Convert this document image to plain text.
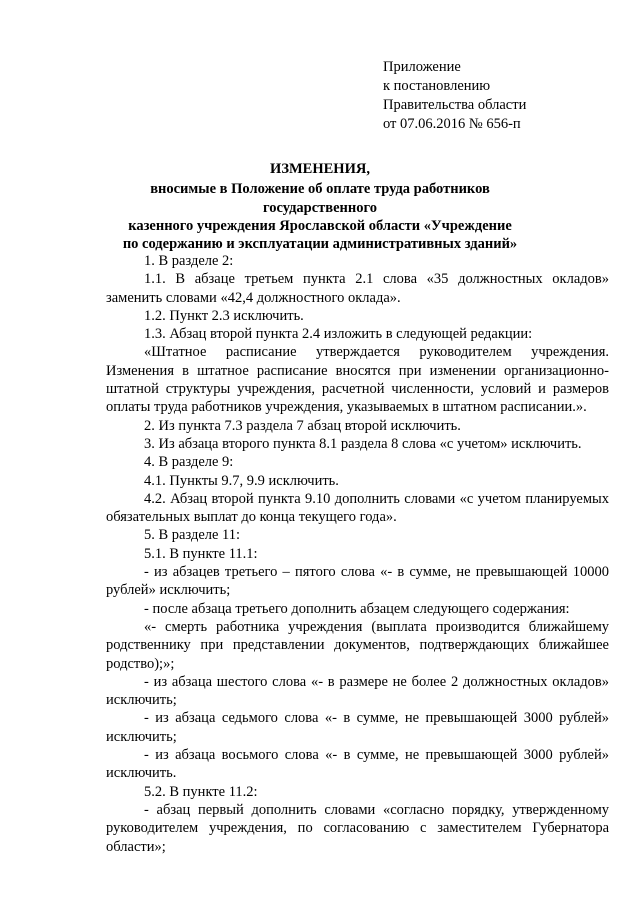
Приложение
к постановлению
Правительства области
от 07.06.2016 № 656-п
ИЗМЕНЕНИЯ,
вносимые в Положение об оплате труда работников государственного
казенного учреждения Ярославской области «Учреждение
по содержанию и эксплуатации административных зданий»

1. В разделе 2:

1.1. В абзаце третьем пункта 2.1 слова «35 должностных окладов» заменить словами «42,4 должностного оклада».

1.2. Пункт 2.3 исключить.

1.3. Абзац второй пункта 2.4 изложить в следующей редакции:

«Штатное расписание утверждается руководителем учреждения. Изменения в штатное расписание вносятся при изменении организационно-штатной структуры учреждения, расчетной численности, условий и размеров оплаты труда работников учреждения, указываемых в штатном расписании.».

2. Из пункта 7.3 раздела 7 абзац второй исключить.

3. Из абзаца второго пункта 8.1 раздела 8 слова «с учетом» исключить.

4. В разделе 9:

4.1. Пункты 9.7, 9.9 исключить.

4.2. Абзац второй пункта 9.10 дополнить словами «с учетом планируемых обязательных выплат до конца текущего года».

5. В разделе 11:

5.1. В пункте 11.1:

- из абзацев третьего – пятого слова «- в сумме, не превышающей 10000 рублей» исключить;

- после абзаца третьего дополнить абзацем следующего содержания:

«- смерть работника учреждения (выплата производится ближайшему родственнику при представлении документов, подтверждающих ближайшее родство);»;

- из абзаца шестого слова «- в размере не более 2 должностных окладов» исключить;

- из абзаца седьмого слова «- в сумме, не превышающей 3000 рублей» исключить;

- из абзаца восьмого слова «- в сумме, не превышающей 3000 рублей» исключить.

5.2. В пункте 11.2:

- абзац первый дополнить словами «согласно порядку, утвержденному руководителем учреждения, по согласованию с заместителем Губернатора области»;
